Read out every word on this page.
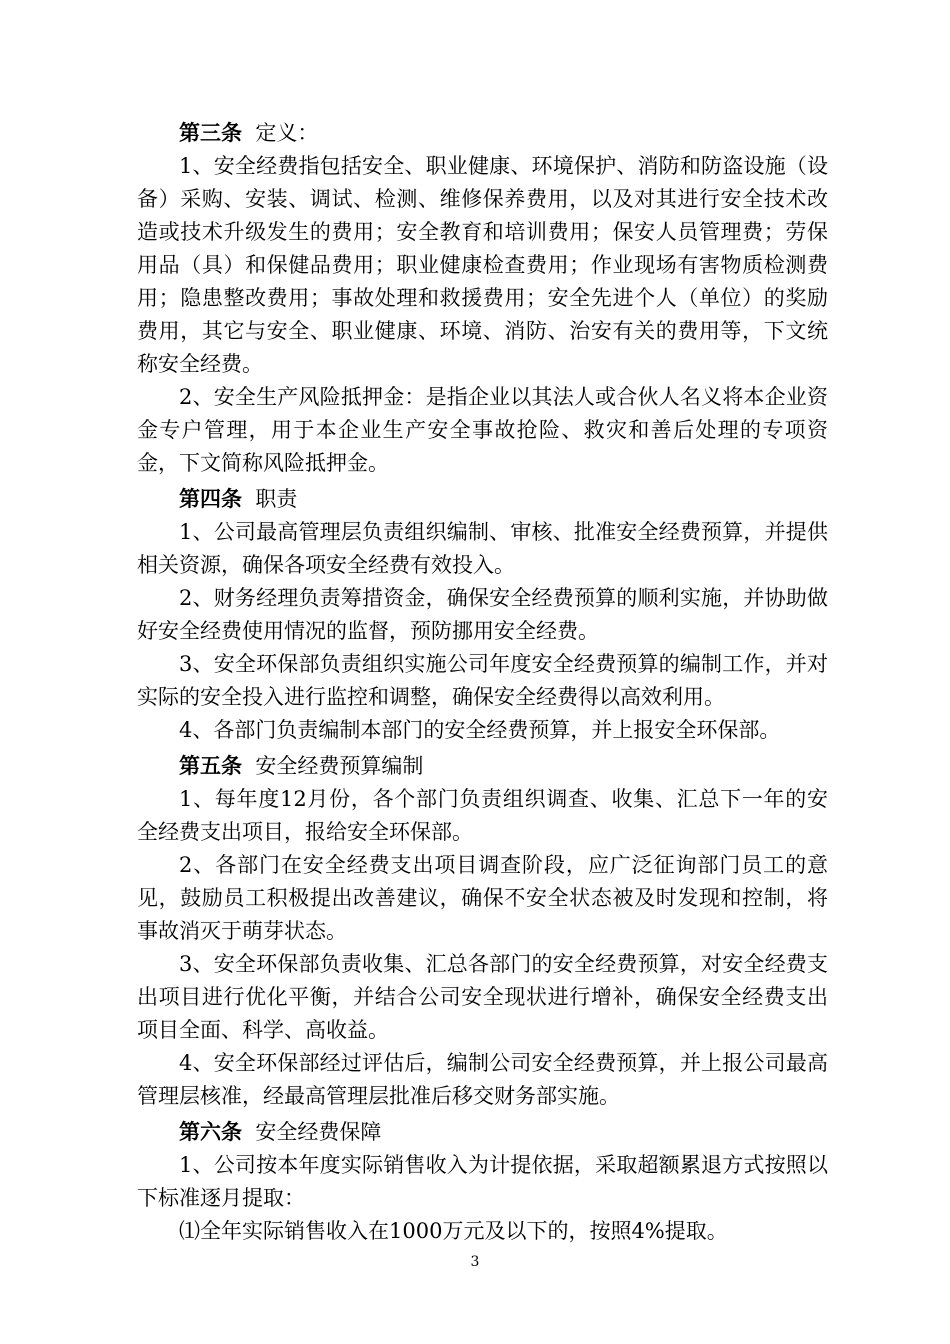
第三条 定义：

1、安全经费指包括安全、职业健康、环境保护、消防和防盗设施（设备）采购、安装、调试、检测、维修保养费用，以及对其进行安全技术改造或技术升级发生的费用；安全教育和培训费用；保安人员管理费；劳保用品（具）和保健品费用；职业健康检查费用；作业现场有害物质检测费用；隐患整改费用；事故处理和救援费用；安全先进个人（单位）的奖励费用，其它与安全、职业健康、环境、消防、治安有关的费用等，下文统称安全经费。

2、安全生产风险抵押金：是指企业以其法人或合伙人名义将本企业资金专户管理，用于本企业生产安全事故抢险、救灾和善后处理的专项资金，下文简称风险抵押金。

第四条 职责

1、公司最高管理层负责组织编制、审核、批准安全经费预算，并提供相关资源，确保各项安全经费有效投入。

2、财务经理负责筹措资金，确保安全经费预算的顺利实施，并协助做好安全经费使用情况的监督，预防挪用安全经费。

3、安全环保部负责组织实施公司年度安全经费预算的编制工作，并对实际的安全投入进行监控和调整，确保安全经费得以高效利用。

4、各部门负责编制本部门的安全经费预算，并上报安全环保部。

第五条 安全经费预算编制

1、每年度12月份，各个部门负责组织调查、收集、汇总下一年的安全经费支出项目，报给安全环保部。

2、各部门在安全经费支出项目调查阶段，应广泛征询部门员工的意见，鼓励员工积极提出改善建议，确保不安全状态被及时发现和控制，将事故消灭于萌芽状态。

3、安全环保部负责收集、汇总各部门的安全经费预算，对安全经费支出项目进行优化平衡，并结合公司安全现状进行增补，确保安全经费支出项目全面、科学、高收益。

4、安全环保部经过评估后，编制公司安全经费预算，并上报公司最高管理层核准，经最高管理层批准后移交财务部实施。

第六条 安全经费保障

1、公司按本年度实际销售收入为计提依据，采取超额累退方式按照以下标准逐月提取：

⑴全年实际销售收入在1000万元及以下的，按照4%提取。

3
